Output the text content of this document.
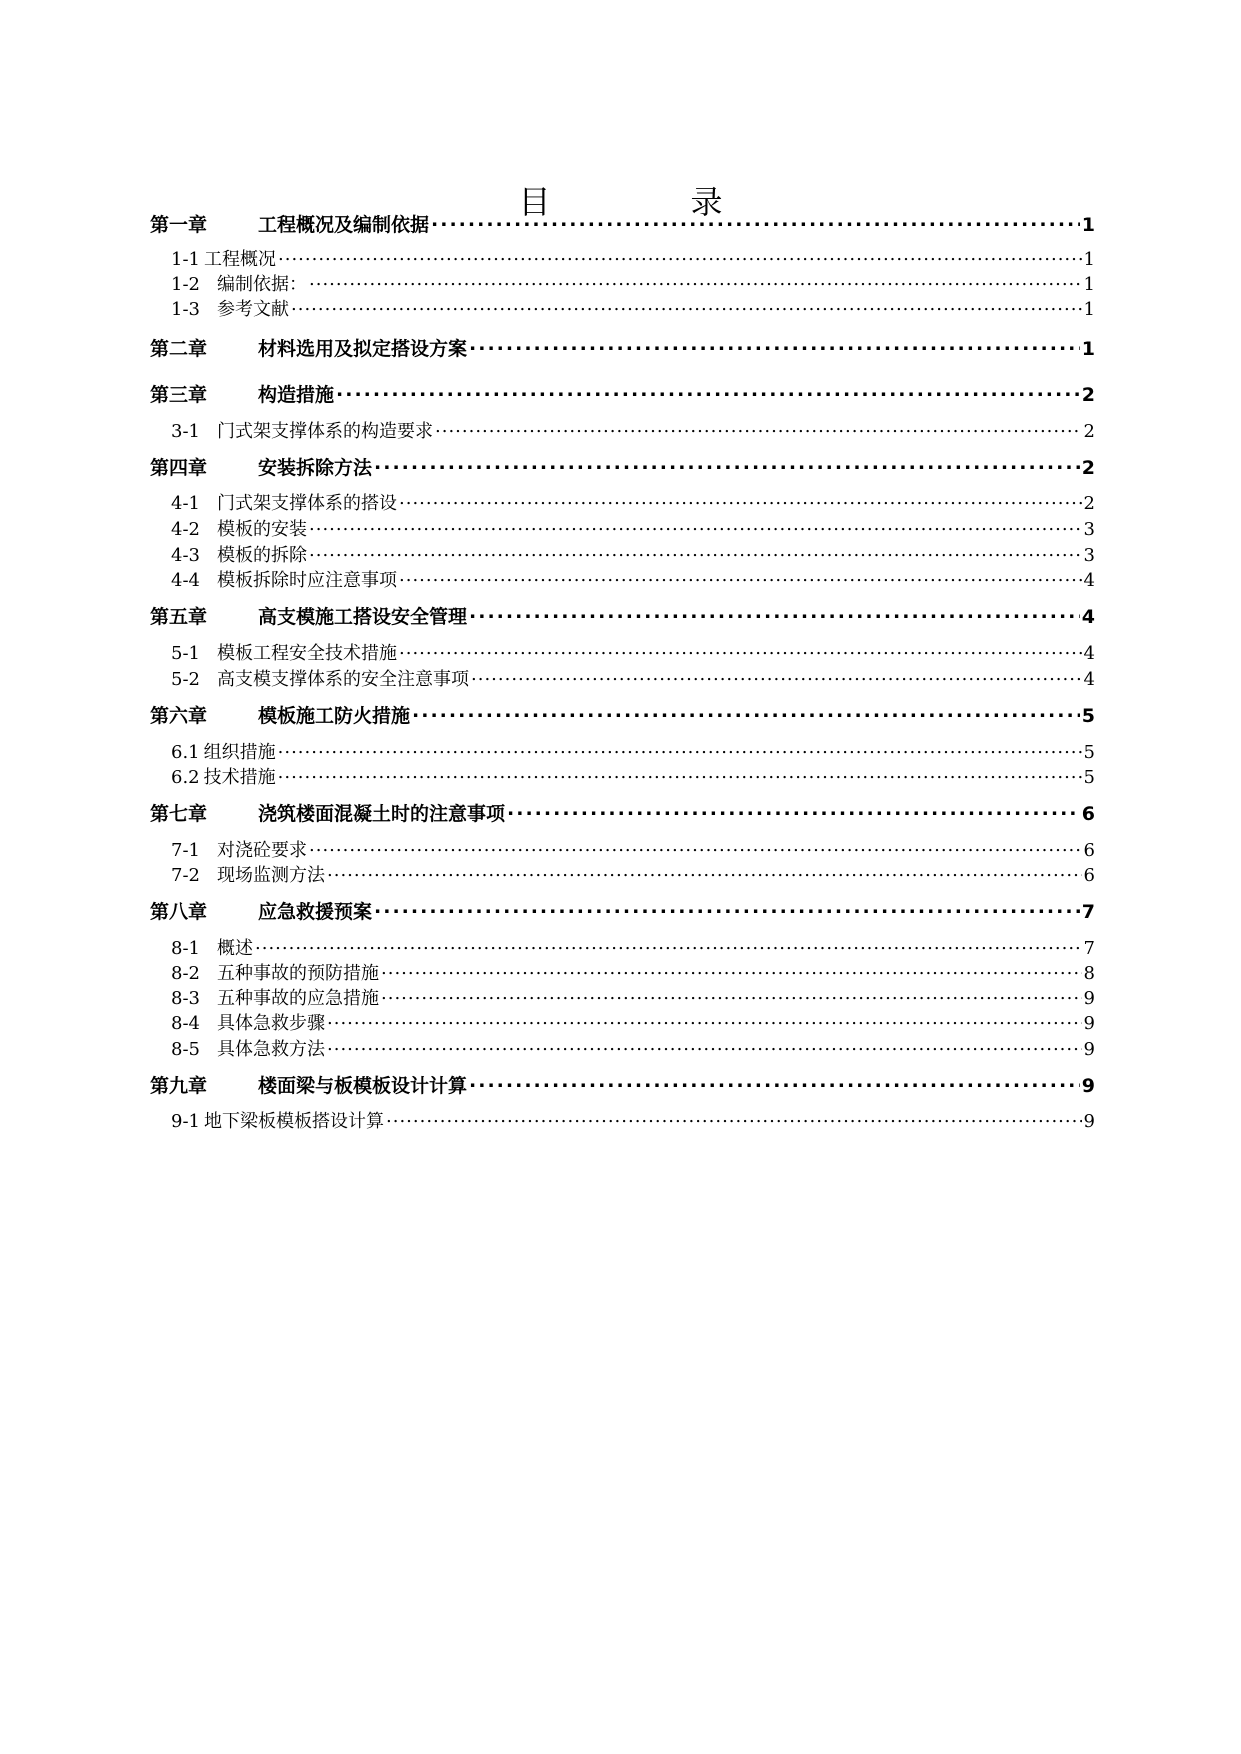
目	录
第一章	工程概况及编制依据 .....	1
1-1 工程概况 .....	1
1-2 编制依据： .....	1
1-3 参考文献 .....	1
第二章	材料选用及拟定搭设方案 .....	1
第三章	构造措施 .....	2
3-1 门式架支撑体系的构造要求 .....	2
第四章	安装拆除方法 .....	2
4-1 门式架支撑体系的搭设 .....	2
4-2 模板的安装 .....	3
4-3 模板的拆除 .....	3
4-4 模板拆除时应注意事项 .....	4
第五章	高支模施工搭设安全管理 .....	4
5-1 模板工程安全技术措施 .....	4
5-2 高支模支撑体系的安全注意事项 .....	4
第六章	模板施工防火措施 .....	5
6.1 组织措施 .....	5
6.2 技术措施 .....	5
第七章	浇筑楼面混凝土时的注意事项 .....	6
7-1 对浇砼要求 .....	6
7-2 现场监测方法 .....	6
第八章	应急救援预案 .....	7
8-1 概述 .....	7
8-2 五种事故的预防措施 .....	8
8-3 五种事故的应急措施 .....	9
8-4 具体急救步骤 .....	9
8-5 具体急救方法 .....	9
第九章	楼面梁与板模板设计计算 .....	9
9-1 地下梁板模板搭设计算 .....	9
